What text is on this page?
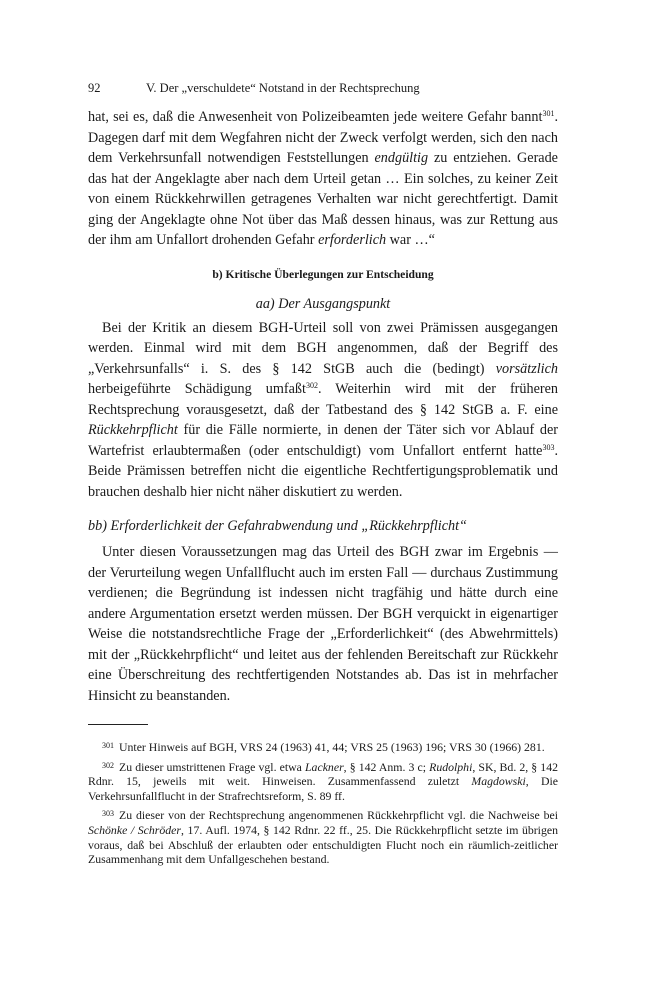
92	V. Der „verschuldete“ Notstand in der Rechtsprechung

hat, sei es, daß die Anwesenheit von Polizeibeamten jede weitere Gefahr bannt$^{301}$. Dagegen darf mit dem Wegfahren nicht der Zweck verfolgt werden, sich den nach dem Verkehrsunfall notwendigen Feststellungen endgültig zu entziehen. Gerade das hat der Angeklagte aber nach dem Urteil getan … Ein solches, zu keiner Zeit von einem Rückkehrwillen getragenes Verhalten war nicht gerechtfertigt. Damit ging der Angeklagte ohne Not über das Maß dessen hinaus, was zur Rettung aus der ihm am Unfallort drohenden Gefahr erforderlich war …“

b) Kritische Überlegungen zur Entscheidung
aa) Der Ausgangspunkt

Bei der Kritik an diesem BGH-Urteil soll von zwei Prämissen ausgegangen werden. Einmal wird mit dem BGH angenommen, daß der Begriff des „Verkehrsunfalls“ i. S. des § 142 StGB auch die (bedingt) vorsätzlich herbeigeführte Schädigung umfaßt$^{302}$. Weiterhin wird mit der früheren Rechtsprechung vorausgesetzt, daß der Tatbestand des § 142 StGB a. F. eine Rückkehrpflicht für die Fälle normierte, in denen der Täter sich vor Ablauf der Wartefrist erlaubtermaßen (oder entschuldigt) vom Unfallort entfernt hatte$^{303}$. Beide Prämissen betreffen nicht die eigentliche Rechtfertigungsproblematik und brauchen deshalb hier nicht näher diskutiert zu werden.

bb) Erforderlichkeit der Gefahrabwendung und „Rückkehrpflicht“

Unter diesen Voraussetzungen mag das Urteil des BGH zwar im Ergebnis — der Verurteilung wegen Unfallflucht auch im ersten Fall — durchaus Zustimmung verdienen; die Begründung ist indessen nicht tragfähig und hätte durch eine andere Argumentation ersetzt werden müssen. Der BGH verquickt in eigenartiger Weise die notstandsrechtliche Frage der „Erforderlichkeit“ (des Abwehrmittels) mit der „Rückkehrpflicht“ und leitet aus der fehlenden Bereitschaft zur Rückkehr eine Überschreitung des rechtfertigenden Notstandes ab. Das ist in mehrfacher Hinsicht zu beanstanden.

$^{301}$ Unter Hinweis auf BGH, VRS 24 (1963) 41, 44; VRS 25 (1963) 196; VRS 30 (1966) 281.

$^{302}$ Zu dieser umstrittenen Frage vgl. etwa Lackner, § 142 Anm. 3 c; Rudolphi, SK, Bd. 2, § 142 Rdnr. 15, jeweils mit weit. Hinweisen. Zusammenfassend zuletzt Magdowski, Die Verkehrsunfallflucht in der Strafrechtsreform, S. 89 ff.

$^{303}$ Zu dieser von der Rechtsprechung angenommenen Rückkehrpflicht vgl. die Nachweise bei Schönke / Schröder, 17. Aufl. 1974, § 142 Rdnr. 22 ff., 25. Die Rückkehrpflicht setzte im übrigen voraus, daß bei Abschluß der erlaubten oder entschuldigten Flucht noch ein räumlich-zeitlicher Zusammenhang mit dem Unfallgeschehen bestand.
